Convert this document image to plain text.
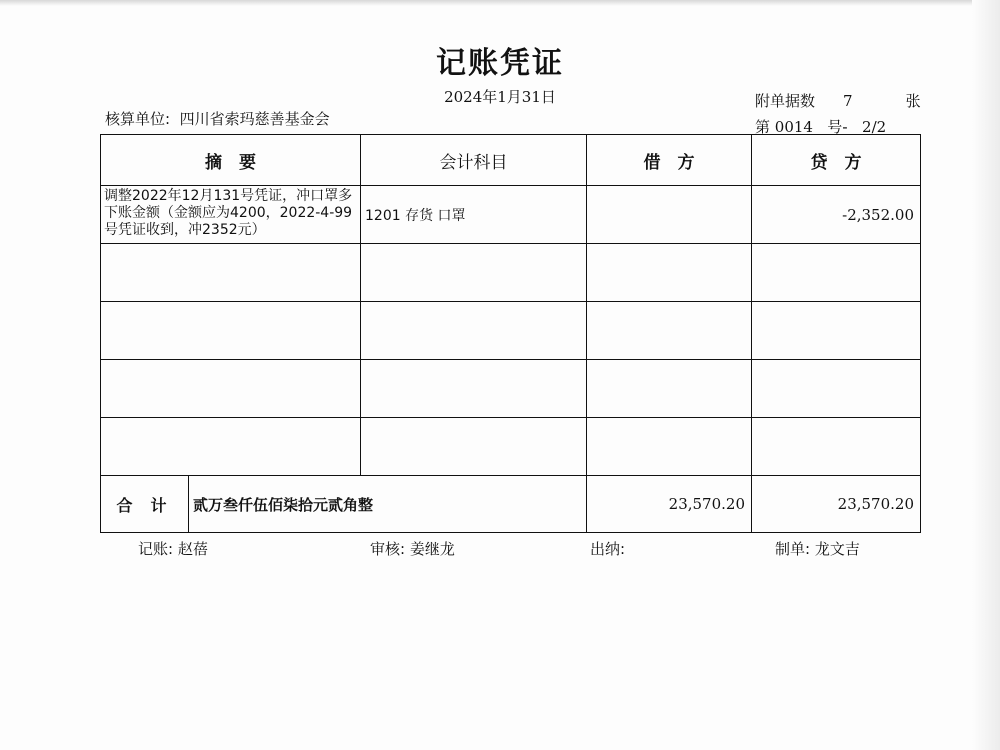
记账凭证
2024年1月31日
核算单位: 四川省索玛慈善基金会
附单据数 7	张
第 0014 号- 2/2
摘　要		会计科目	借　方	贷　方
调整2022年12月131号凭证，冲口罩多下账金额（金额应为4200，2022-4-99号凭证收到，冲2352元）		1201 存货 口罩		-2,352.00

合计	贰万叁仟伍佰柒拾元贰角整		23,570.20	23,570.20
记账: 赵蓓	审核: 姜继龙	出纳:	制单: 龙文吉
